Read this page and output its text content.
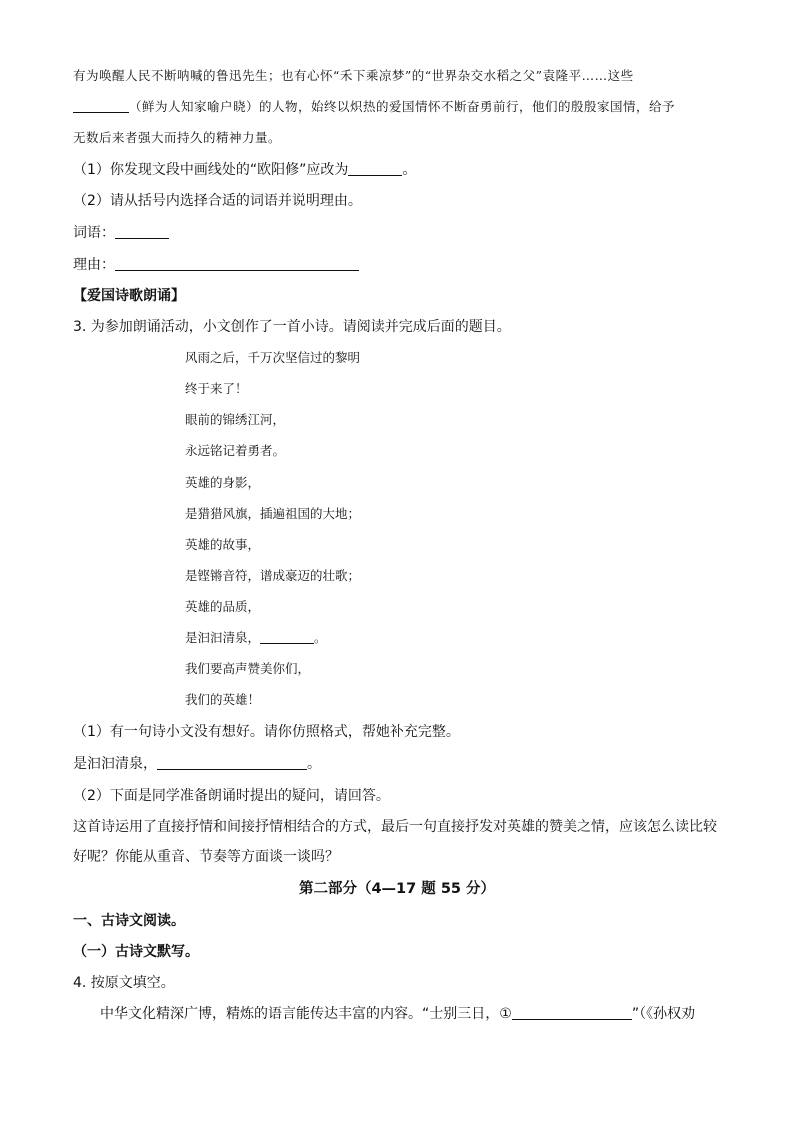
有为唤醒人民不断呐喊的鲁迅先生；也有心怀“禾下乘凉梦”的“世界杂交水稻之父”袁隆平……这些
（鲜为人知家喻户晓）的人物，始终以炽热的爱国情怀不断奋勇前行，他们的殷殷家国情，给予
无数后来者强大而持久的精神力量。
（1）你发现文段中画线处的“欧阳修”应改为	。
（2）请从括号内选择合适的词语并说明理由。
词语：
理由：
【爱国诗歌朗诵】
3. 为参加朗诵活动，小文创作了一首小诗。请阅读并完成后面的题目。
风雨之后，千万次坚信过的黎明
终于来了！
眼前的锦绣江河，
永远铭记着勇者。
英雄的身影，
是猎猎风旗，插遍祖国的大地；
英雄的故事，
是铿锵音符，谱成豪迈的壮歌；
英雄的品质，
是汩汩清泉，	。
我们要高声赞美你们，
我们的英雄！
（1）有一句诗小文没有想好。请你仿照格式，帮她补充完整。
是汩汩清泉，	。
（2）下面是同学准备朗诵时提出的疑问，请回答。
这首诗运用了直接抒情和间接抒情相结合的方式，最后一句直接抒发对英雄的赞美之情，应该怎么读比较
好呢？你能从重音、节奏等方面谈一谈吗？
第二部分（4—17 题 55 分）
一、古诗文阅读。
（一）古诗文默写。
4. 按原文填空。
中华文化精深广博，精炼的语言能传达丰富的内容。“士别三日，①	”（《孙权劝
